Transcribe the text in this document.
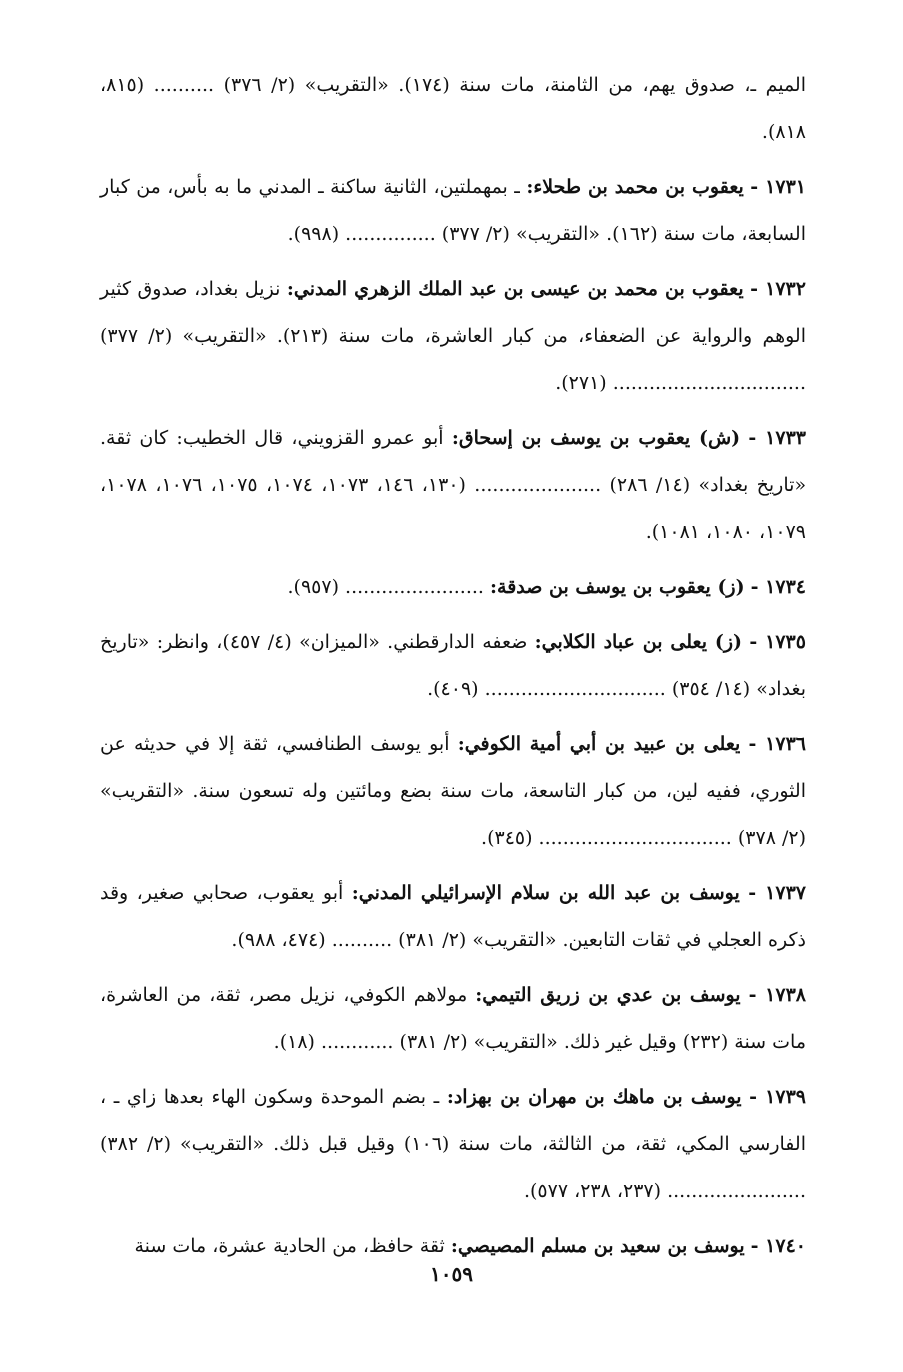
الميم ـ، صدوق يهم، من الثامنة، مات سنة (١٧٤). «التقريب» (٢/ ٣٧٦) .......... (٨١٥، ٨١٨).

١٧٣١ - يعقوب بن محمد بن طحلاء: ـ بمهملتين، الثانية ساكنة ـ المدني ما به بأس، من كبار السابعة، مات سنة (١٦٢). «التقريب» (٢/ ٣٧٧) ............... (٩٩٨).

١٧٣٢ - يعقوب بن محمد بن عيسى بن عبد الملك الزهري المدني: نزيل بغداد، صدوق كثير الوهم والرواية عن الضعفاء، من كبار العاشرة، مات سنة (٢١٣). «التقريب» (٢/ ٣٧٧) ................................ (٢٧١).

١٧٣٣ - (ش) يعقوب بن يوسف بن إسحاق: أبو عمرو القزويني، قال الخطيب: كان ثقة. «تاريخ بغداد» (١٤/ ٢٨٦) ..................... (١٣٠، ١٤٦، ١٠٧٣، ١٠٧٤، ١٠٧٥، ١٠٧٦، ١٠٧٨، ١٠٧٩، ١٠٨٠، ١٠٨١).

١٧٣٤ - (ز) يعقوب بن يوسف بن صدقة: ....................... (٩٥٧).

١٧٣٥ - (ز) يعلى بن عباد الكلابي: ضعفه الدارقطني. «الميزان» (٤/ ٤٥٧)، وانظر: «تاريخ بغداد» (١٤/ ٣٥٤) .............................. (٤٠٩).

١٧٣٦ - يعلى بن عبيد بن أبي أمية الكوفي: أبو يوسف الطنافسي، ثقة إلا في حديثه عن الثوري، ففيه لين، من كبار التاسعة، مات سنة بضع ومائتين وله تسعون سنة. «التقريب» (٢/ ٣٧٨) ................................ (٣٤٥).

١٧٣٧ - يوسف بن عبد الله بن سلام الإسرائيلي المدني: أبو يعقوب، صحابي صغير، وقد ذكره العجلي في ثقات التابعين. «التقريب» (٢/ ٣٨١) .......... (٤٧٤، ٩٨٨).

١٧٣٨ - يوسف بن عدي بن زريق التيمي: مولاهم الكوفي، نزيل مصر، ثقة، من العاشرة، مات سنة (٢٣٢) وقيل غير ذلك. «التقريب» (٢/ ٣٨١) ............ (١٨).

١٧٣٩ - يوسف بن ماهك بن مهران بن بهزاد: ـ بضم الموحدة وسكون الهاء بعدها زاي ـ ، الفارسي المكي، ثقة، من الثالثة، مات سنة (١٠٦) وقيل قبل ذلك. «التقريب» (٢/ ٣٨٢) ....................... (٢٣٧، ٢٣٨، ٥٧٧).

١٧٤٠ - يوسف بن سعيد بن مسلم المصيصي: ثقة حافظ، من الحادية عشرة، مات سنة

١٠٥٩
